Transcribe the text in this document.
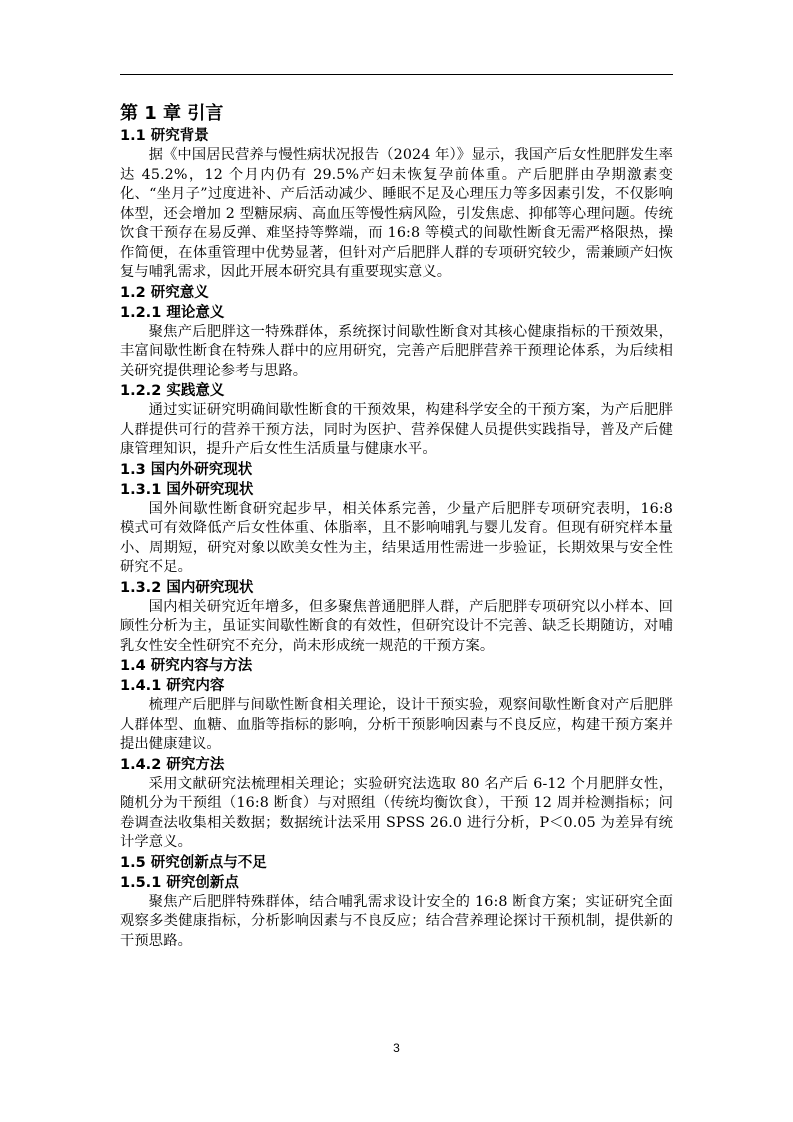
第 1 章 引言
1.1 研究背景

据《中国居民营养与慢性病状况报告（2024 年）》显示，我国产后女性肥胖发生率达 45.2%，12 个月内仍有 29.5%产妇未恢复孕前体重。产后肥胖由孕期激素变化、“坐月子”过度进补、产后活动减少、睡眠不足及心理压力等多因素引发，不仅影响体型，还会增加 2 型糖尿病、高血压等慢性病风险，引发焦虑、抑郁等心理问题。传统饮食干预存在易反弹、难坚持等弊端，而 16:8 等模式的间歇性断食无需严格限热，操作简便，在体重管理中优势显著，但针对产后肥胖人群的专项研究较少，需兼顾产妇恢复与哺乳需求，因此开展本研究具有重要现实意义。

1.2 研究意义
1.2.1 理论意义

聚焦产后肥胖这一特殊群体，系统探讨间歇性断食对其核心健康指标的干预效果，丰富间歇性断食在特殊人群中的应用研究，完善产后肥胖营养干预理论体系，为后续相关研究提供理论参考与思路。

1.2.2 实践意义

通过实证研究明确间歇性断食的干预效果，构建科学安全的干预方案，为产后肥胖人群提供可行的营养干预方法，同时为医护、营养保健人员提供实践指导，普及产后健康管理知识，提升产后女性生活质量与健康水平。

1.3 国内外研究现状
1.3.1 国外研究现状

国外间歇性断食研究起步早，相关体系完善，少量产后肥胖专项研究表明，16:8 模式可有效降低产后女性体重、体脂率，且不影响哺乳与婴儿发育。但现有研究样本量小、周期短，研究对象以欧美女性为主，结果适用性需进一步验证，长期效果与安全性研究不足。

1.3.2 国内研究现状

国内相关研究近年增多，但多聚焦普通肥胖人群，产后肥胖专项研究以小样本、回顾性分析为主，虽证实间歇性断食的有效性，但研究设计不完善、缺乏长期随访，对哺乳女性安全性研究不充分，尚未形成统一规范的干预方案。

1.4 研究内容与方法
1.4.1 研究内容

梳理产后肥胖与间歇性断食相关理论，设计干预实验，观察间歇性断食对产后肥胖人群体型、血糖、血脂等指标的影响，分析干预影响因素与不良反应，构建干预方案并提出健康建议。

1.4.2 研究方法

采用文献研究法梳理相关理论；实验研究法选取 80 名产后 6-12 个月肥胖女性，随机分为干预组（16:8 断食）与对照组（传统均衡饮食），干预 12 周并检测指标；问卷调查法收集相关数据；数据统计法采用 SPSS 26.0 进行分析，P＜0.05 为差异有统计学意义。

1.5 研究创新点与不足
1.5.1 研究创新点

聚焦产后肥胖特殊群体，结合哺乳需求设计安全的 16:8 断食方案；实证研究全面观察多类健康指标，分析影响因素与不良反应；结合营养理论探讨干预机制，提供新的干预思路。

3
